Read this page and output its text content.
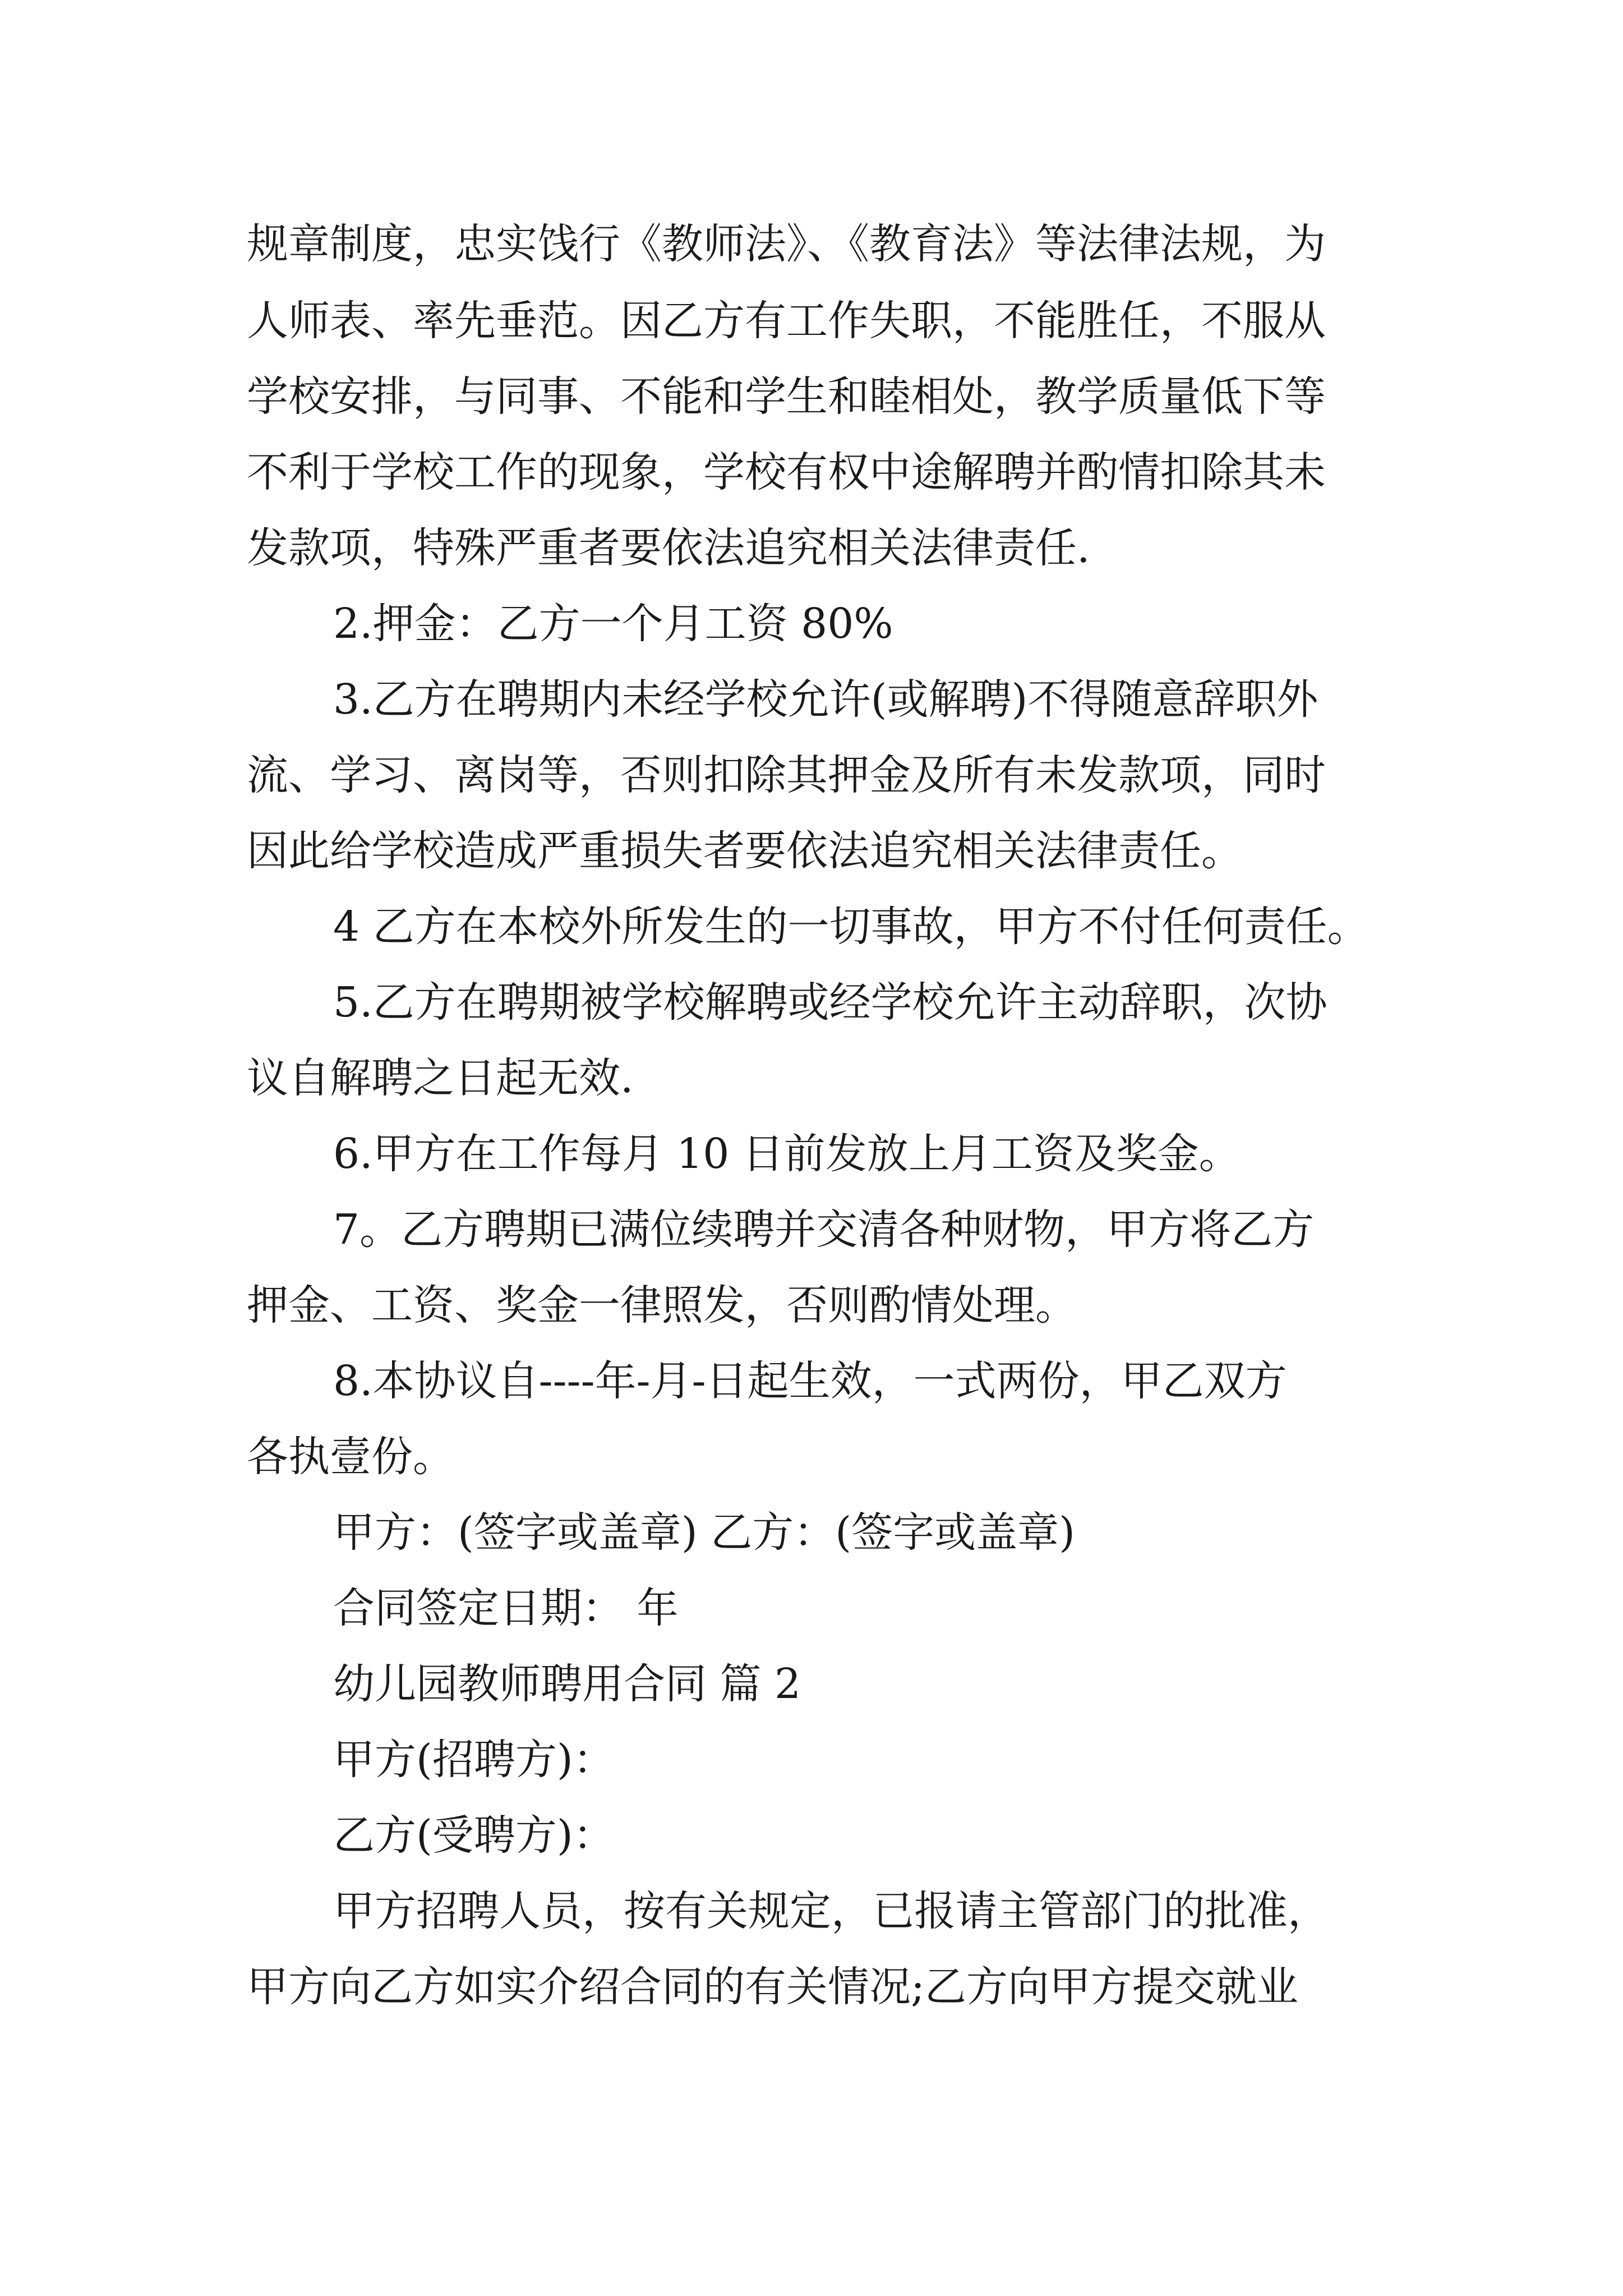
规章制度，忠实饯行《教师法》、《教育法》等法律法规，为
人师表、率先垂范。因乙方有工作失职，不能胜任，不服从
学校安排，与同事、不能和学生和睦相处，教学质量低下等
不利于学校工作的现象，学校有权中途解聘并酌情扣除其未
发款项，特殊严重者要依法追究相关法律责任.
2.押金：乙方一个月工资 80%
3.乙方在聘期内未经学校允许(或解聘)不得随意辞职外
流、学习、离岗等，否则扣除其押金及所有未发款项，同时
因此给学校造成严重损失者要依法追究相关法律责任。
4 乙方在本校外所发生的一切事故，甲方不付任何责任。
5.乙方在聘期被学校解聘或经学校允许主动辞职，次协
议自解聘之日起无效.
6.甲方在工作每月 10 日前发放上月工资及奖金。
7。乙方聘期已满位续聘并交清各种财物，甲方将乙方
押金、工资、奖金一律照发，否则酌情处理。
8.本协议自----年-月-日起生效，一式两份，甲乙双方
各执壹份。
甲方：(签字或盖章) 乙方：(签字或盖章)
合同签定日期： 年
幼儿园教师聘用合同 篇 2
甲方(招聘方)：
乙方(受聘方)：
甲方招聘人员，按有关规定，已报请主管部门的批准，
甲方向乙方如实介绍合同的有关情况;乙方向甲方提交就业
